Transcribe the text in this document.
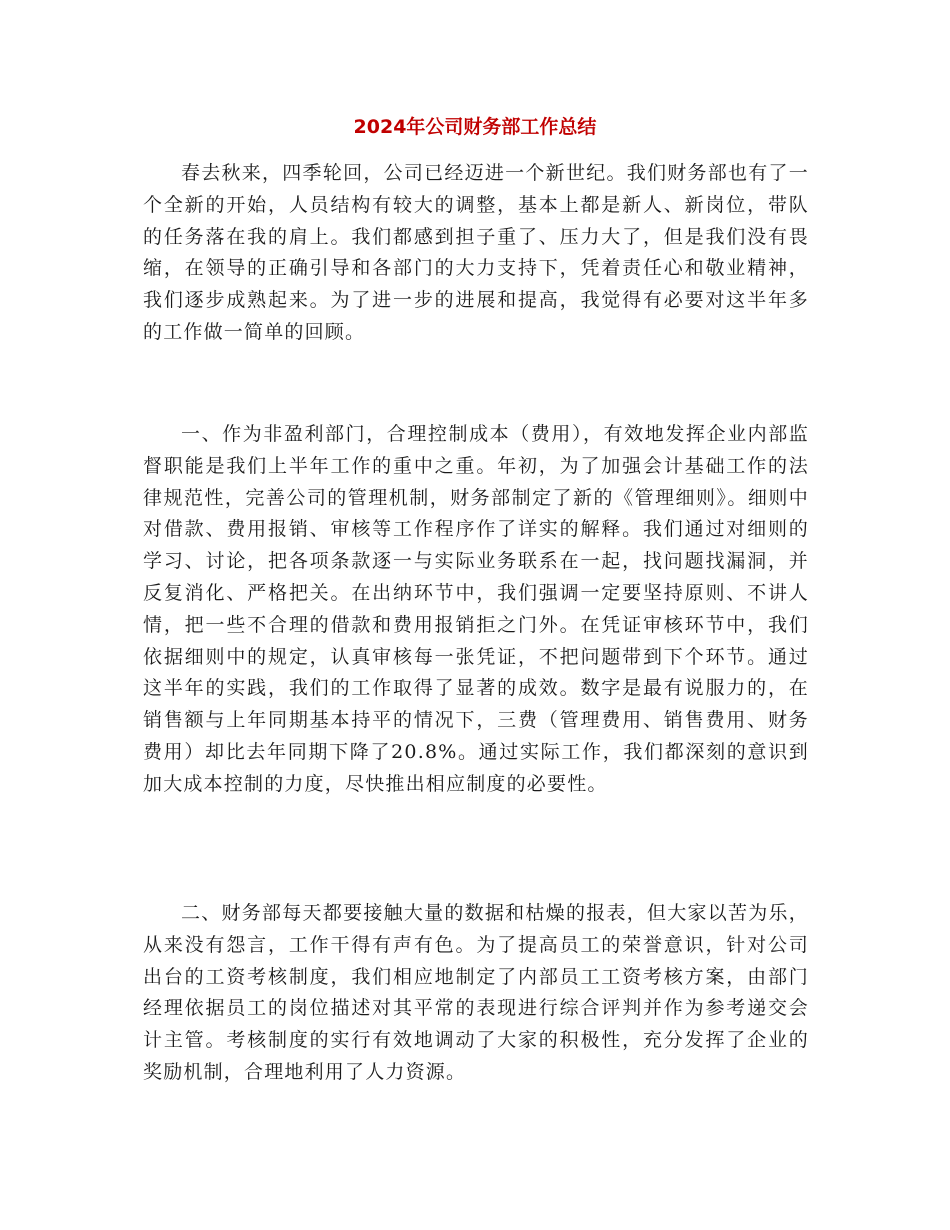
2024年公司财务部工作总结

春去秋来，四季轮回，公司已经迈进一个新世纪。我们财务部也有了一个全新的开始，人员结构有较大的调整，基本上都是新人、新岗位，带队的任务落在我的肩上。我们都感到担子重了、压力大了，但是我们没有畏缩，在领导的正确引导和各部门的大力支持下，凭着责任心和敬业精神，我们逐步成熟起来。为了进一步的进展和提高，我觉得有必要对这半年多的工作做一简单的回顾。

一、作为非盈利部门，合理控制成本（费用），有效地发挥企业内部监督职能是我们上半年工作的重中之重。年初，为了加强会计基础工作的法律规范性，完善公司的管理机制，财务部制定了新的《管理细则》。细则中对借款、费用报销、审核等工作程序作了详实的解释。我们通过对细则的学习、讨论，把各项条款逐一与实际业务联系在一起，找问题找漏洞，并反复消化、严格把关。在出纳环节中，我们强调一定要坚持原则、不讲人情，把一些不合理的借款和费用报销拒之门外。在凭证审核环节中，我们依据细则中的规定，认真审核每一张凭证，不把问题带到下个环节。通过这半年的实践，我们的工作取得了显著的成效。数字是最有说服力的，在销售额与上年同期基本持平的情况下，三费（管理费用、销售费用、财务费用）却比去年同期下降了20.8%。通过实际工作，我们都深刻的意识到加大成本控制的力度，尽快推出相应制度的必要性。

二、财务部每天都要接触大量的数据和枯燥的报表，但大家以苦为乐，从来没有怨言，工作干得有声有色。为了提高员工的荣誉意识，针对公司出台的工资考核制度，我们相应地制定了内部员工工资考核方案，由部门经理依据员工的岗位描述对其平常的表现进行综合评判并作为参考递交会计主管。考核制度的实行有效地调动了大家的积极性，充分发挥了企业的奖励机制，合理地利用了人力资源。
